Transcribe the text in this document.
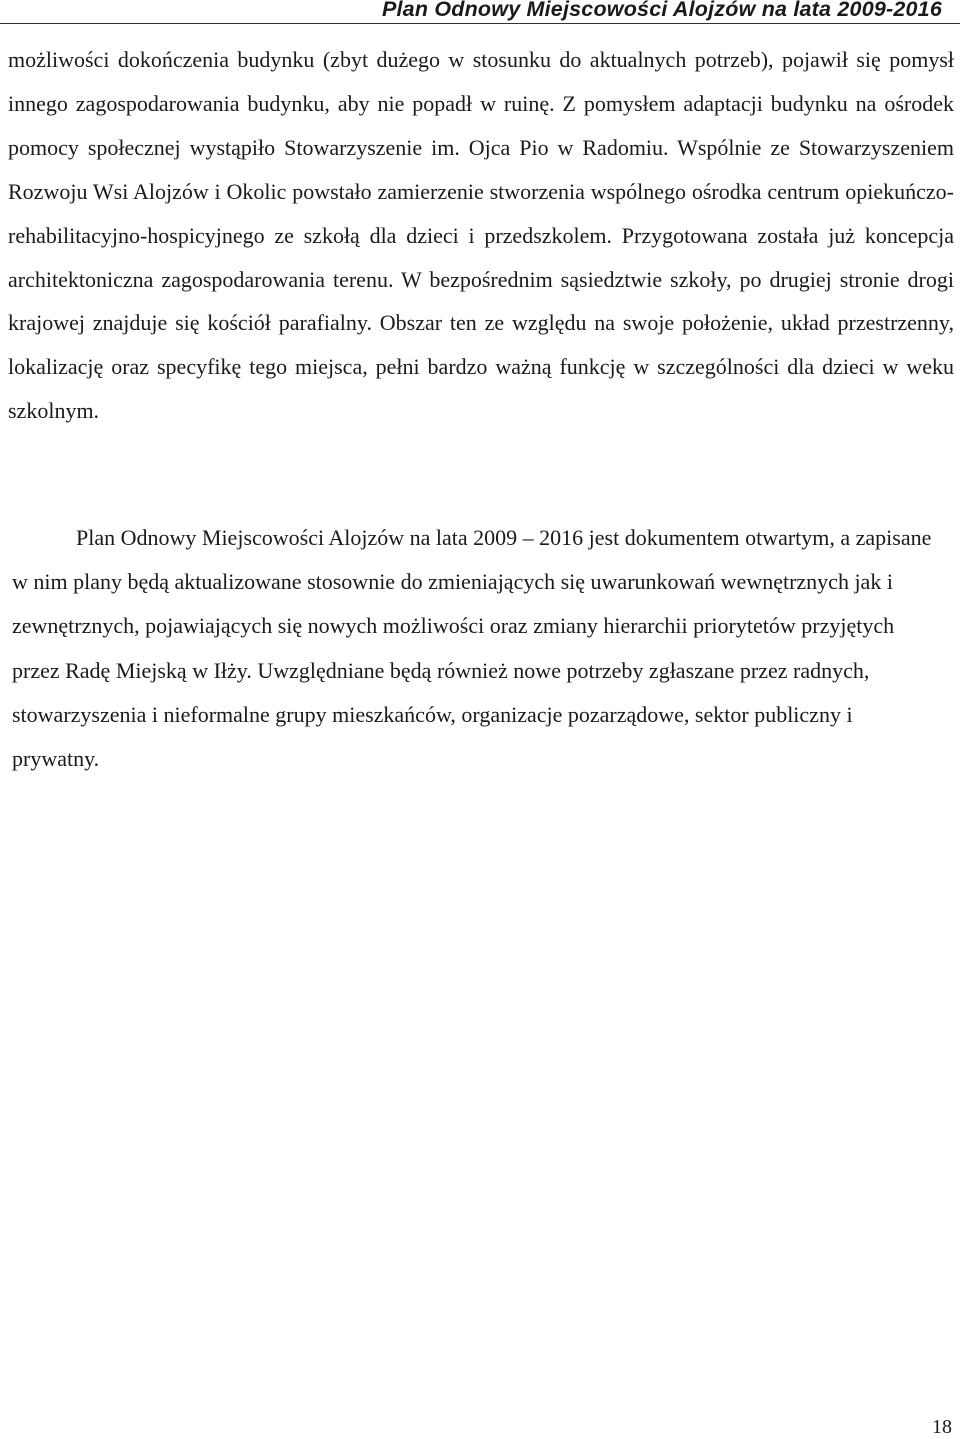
Plan Odnowy Miejscowości Alojzów na lata 2009-2016

możliwości dokończenia budynku (zbyt dużego w stosunku do aktualnych potrzeb), pojawił się pomysł innego zagospodarowania budynku, aby nie popadł w ruinę. Z pomysłem adaptacji budynku na ośrodek pomocy społecznej wystąpiło Stowarzyszenie im. Ojca Pio w Radomiu. Wspólnie ze Stowarzyszeniem Rozwoju Wsi Alojzów i Okolic powstało zamierzenie stworzenia wspólnego ośrodka centrum opiekuńczo-rehabilitacyjno-hospicyjnego ze szkołą dla dzieci i przedszkolem. Przygotowana została już koncepcja architektoniczna zagospodarowania terenu. W bezpośrednim sąsiedztwie szkoły, po drugiej stronie drogi krajowej znajduje się kościół parafialny. Obszar ten ze względu na swoje położenie, układ przestrzenny, lokalizację oraz specyfikę tego miejsca, pełni bardzo ważną funkcję w szczególności dla dzieci w weku szkolnym.

Plan Odnowy Miejscowości Alojzów na lata 2009 – 2016 jest dokumentem otwartym, a zapisane w nim plany będą aktualizowane stosownie do zmieniających się uwarunkowań wewnętrznych jak i zewnętrznych, pojawiających się nowych możliwości oraz zmiany hierarchii priorytetów przyjętych przez Radę Miejską w Iłży. Uwzględniane będą również nowe potrzeby zgłaszane przez radnych, stowarzyszenia i nieformalne grupy mieszkańców, organizacje pozarządowe, sektor publiczny i prywatny.

18
